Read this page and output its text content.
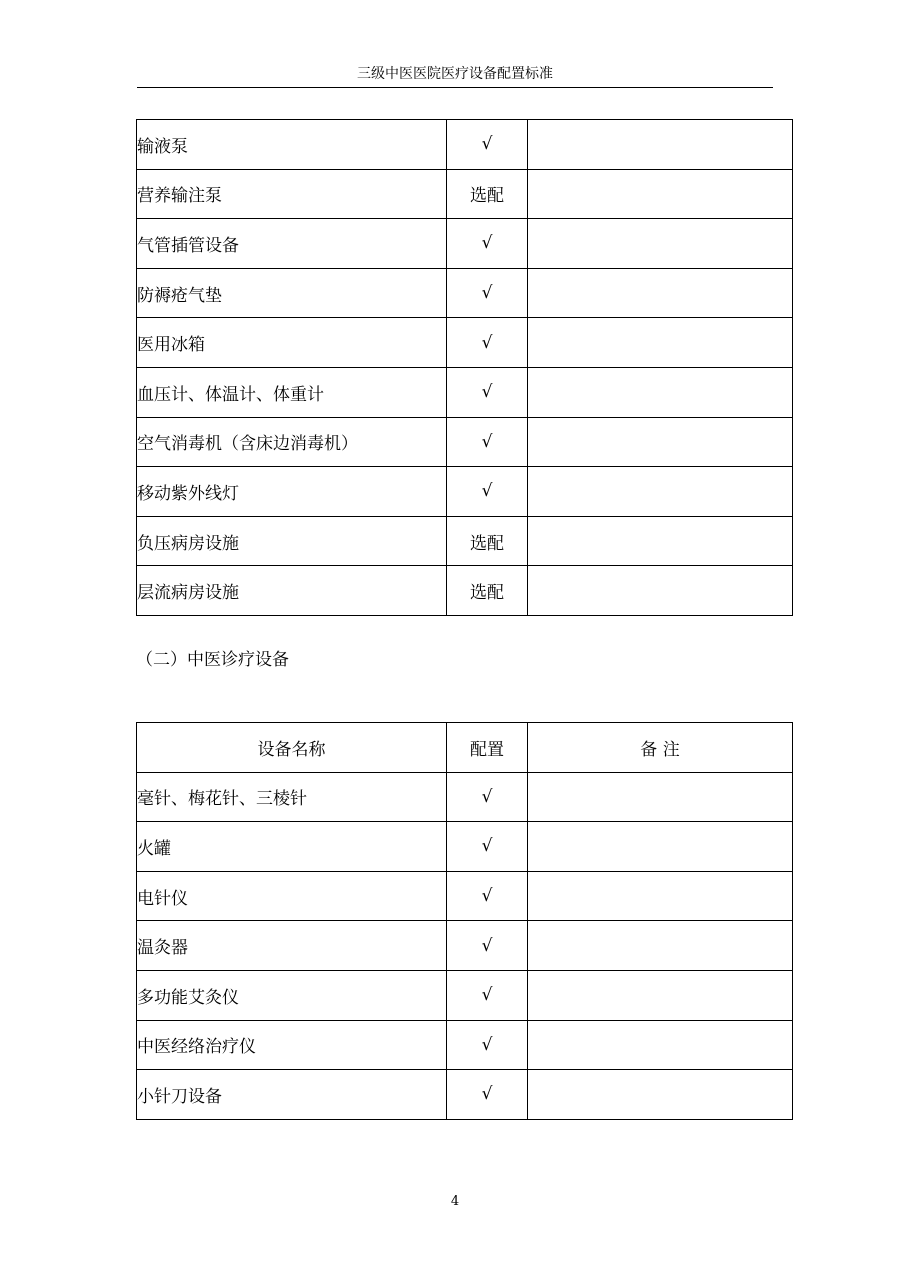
三级中医医院医疗设备配置标准
输液泵	√	
营养输注泵	选配	
气管插管设备	√	
防褥疮气垫	√	
医用冰箱	√	
血压计、体温计、体重计	√	
空气消毒机（含床边消毒机）	√	
移动紫外线灯	√	
负压病房设施	选配	
层流病房设施	选配	
（二）中医诊疗设备
设备名称	配置	备 注
毫针、梅花针、三棱针	√	
火罐	√	
电针仪	√	
温灸器	√	
多功能艾灸仪	√	
中医经络治疗仪	√	
小针刀设备	√	
4
